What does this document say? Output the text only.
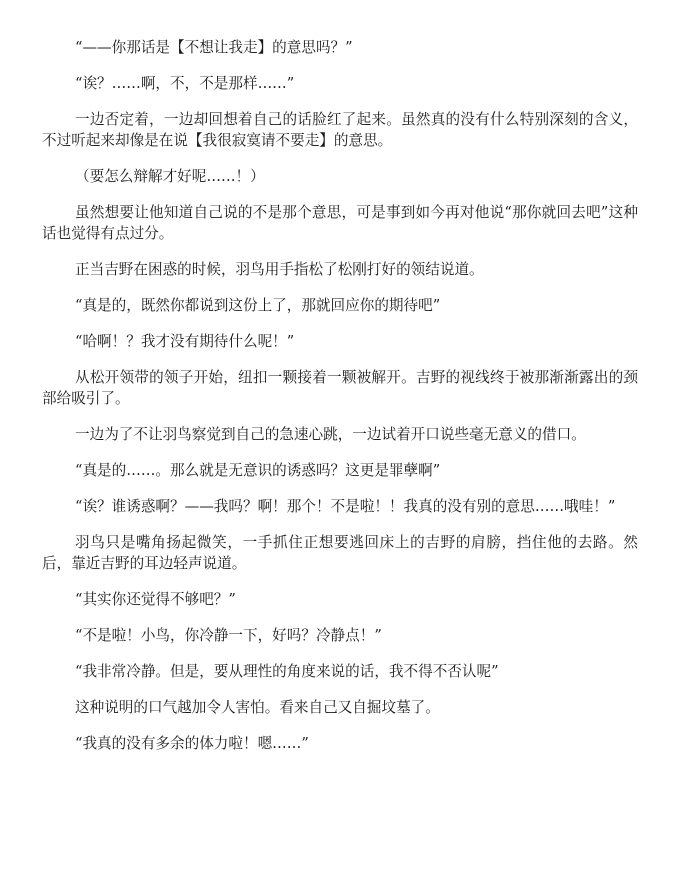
“——你那话是【不想让我走】的意思吗？”

“诶？……啊，不，不是那样……”

一边否定着，一边却回想着自己的话脸红了起来。虽然真的没有什么特别深刻的含义，不过听起来却像是在说【我很寂寞请不要走】的意思。

（要怎么辩解才好呢……！）

虽然想要让他知道自己说的不是那个意思，可是事到如今再对他说“那你就回去吧”这种话也觉得有点过分。

正当吉野在困惑的时候，羽鸟用手指松了松刚打好的领结说道。

“真是的，既然你都说到这份上了，那就回应你的期待吧”

“哈啊！？我才没有期待什么呢！”

从松开领带的领子开始，纽扣一颗接着一颗被解开。吉野的视线终于被那渐渐露出的颈部给吸引了。

一边为了不让羽鸟察觉到自己的急速心跳，一边试着开口说些毫无意义的借口。

“真是的……。那么就是无意识的诱惑吗？这更是罪孽啊”

“诶？谁诱惑啊？——我吗？啊！那个！不是啦！！我真的没有别的意思……哦哇！”

羽鸟只是嘴角扬起微笑，一手抓住正想要逃回床上的吉野的肩膀，挡住他的去路。然后，靠近吉野的耳边轻声说道。

“其实你还觉得不够吧？”

“不是啦！小鸟，你冷静一下，好吗？冷静点！”

“我非常冷静。但是，要从理性的角度来说的话，我不得不否认呢”

这种说明的口气越加令人害怕。看来自己又自掘坟墓了。

“我真的没有多余的体力啦！嗯……”
